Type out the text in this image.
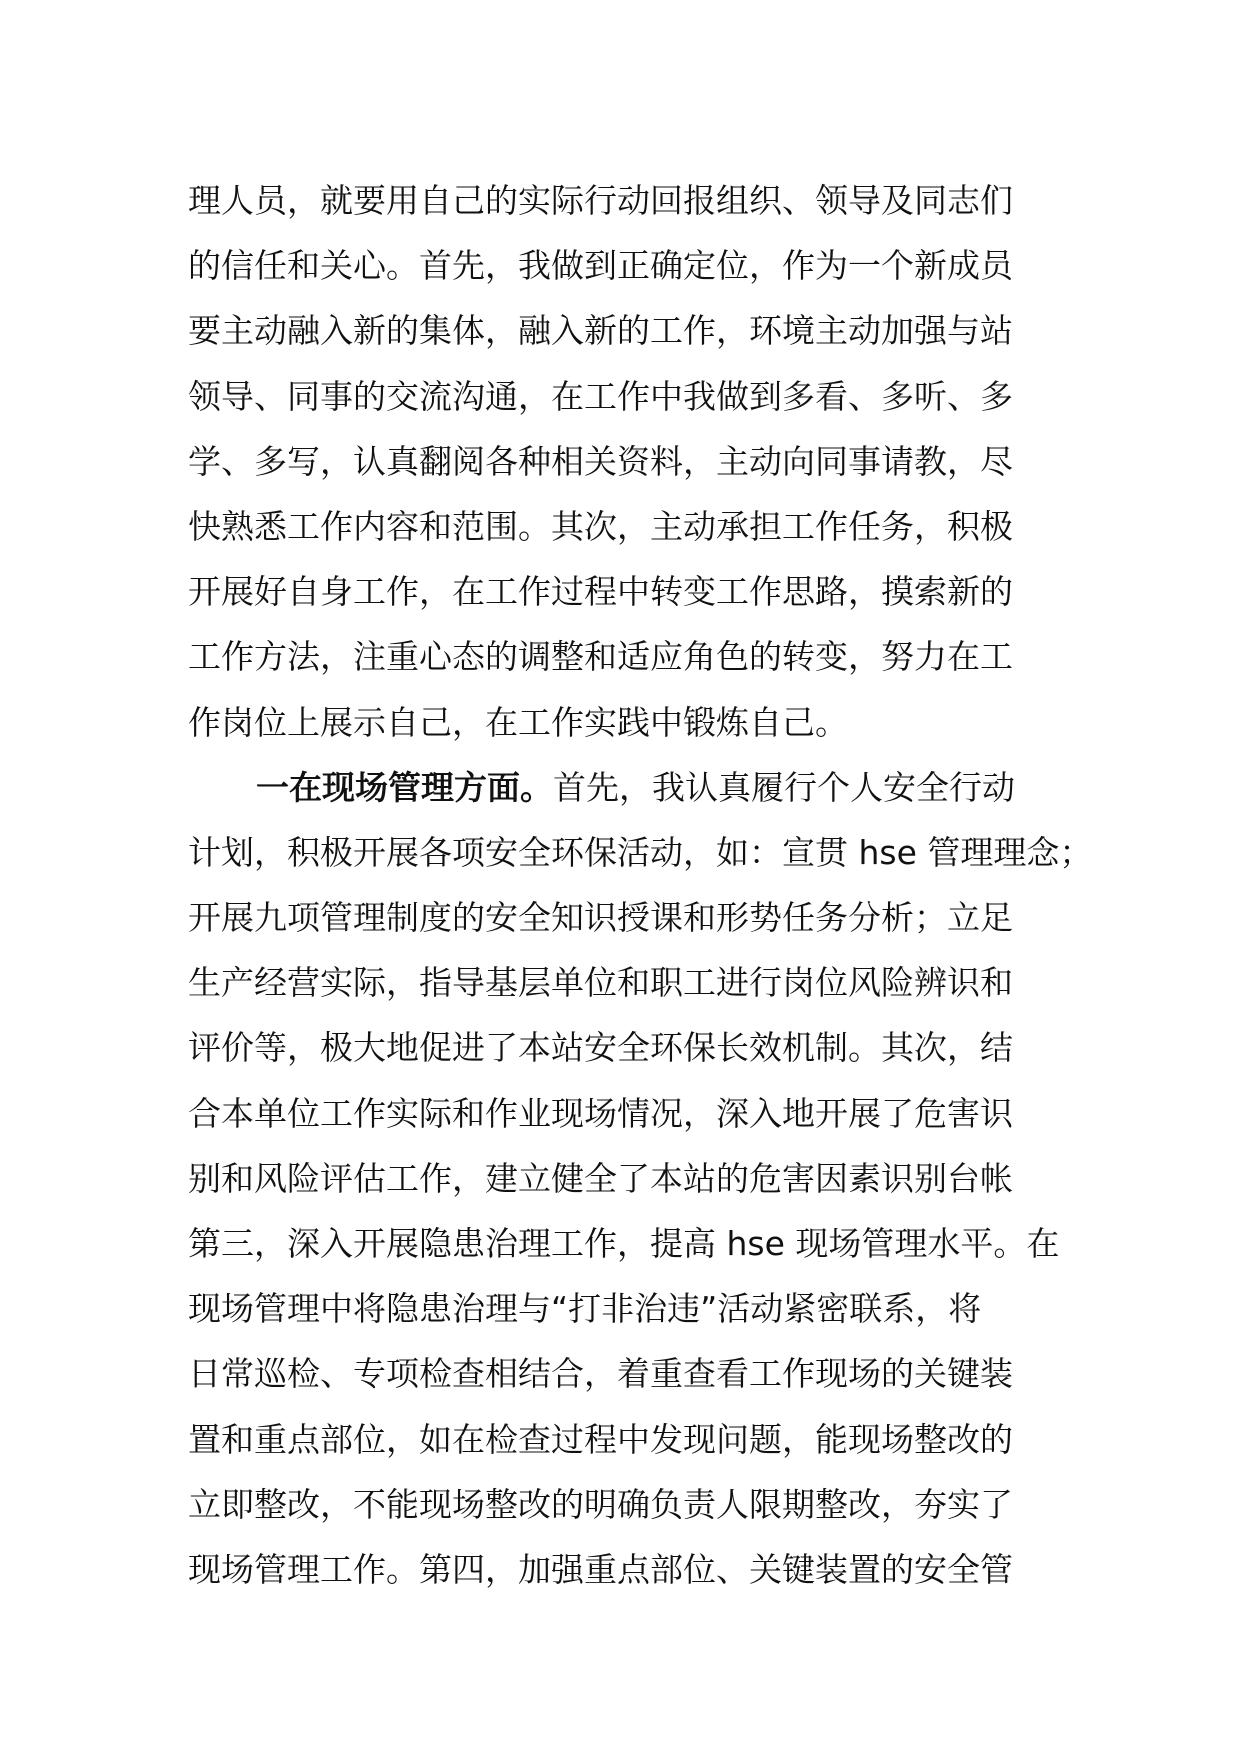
理人员，就要用自己的实际行动回报组织、领导及同志们
的信任和关心。首先，我做到正确定位，作为一个新成员
要主动融入新的集体，融入新的工作，环境主动加强与站
领导、同事的交流沟通，在工作中我做到多看、多听、多
学、多写，认真翻阅各种相关资料，主动向同事请教，尽
快熟悉工作内容和范围。其次，主动承担工作任务，积极
开展好自身工作，在工作过程中转变工作思路，摸索新的
工作方法，注重心态的调整和适应角色的转变，努力在工
作岗位上展示自己，在工作实践中锻炼自己。
一在现场管理方面。首先，我认真履行个人安全行动
计划，积极开展各项安全环保活动，如：宣贯 hse 管理理念；
开展九项管理制度的安全知识授课和形势任务分析；立足
生产经营实际，指导基层单位和职工进行岗位风险辨识和
评价等，极大地促进了本站安全环保长效机制。其次，结
合本单位工作实际和作业现场情况，深入地开展了危害识
别和风险评估工作，建立健全了本站的危害因素识别台帐
第三，深入开展隐患治理工作，提高 hse 现场管理水平。在
现场管理中将隐患治理与“打非治违”活动紧密联系，将
日常巡检、专项检查相结合，着重查看工作现场的关键装
置和重点部位，如在检查过程中发现问题，能现场整改的
立即整改，不能现场整改的明确负责人限期整改，夯实了
现场管理工作。第四，加强重点部位、关键装置的安全管
